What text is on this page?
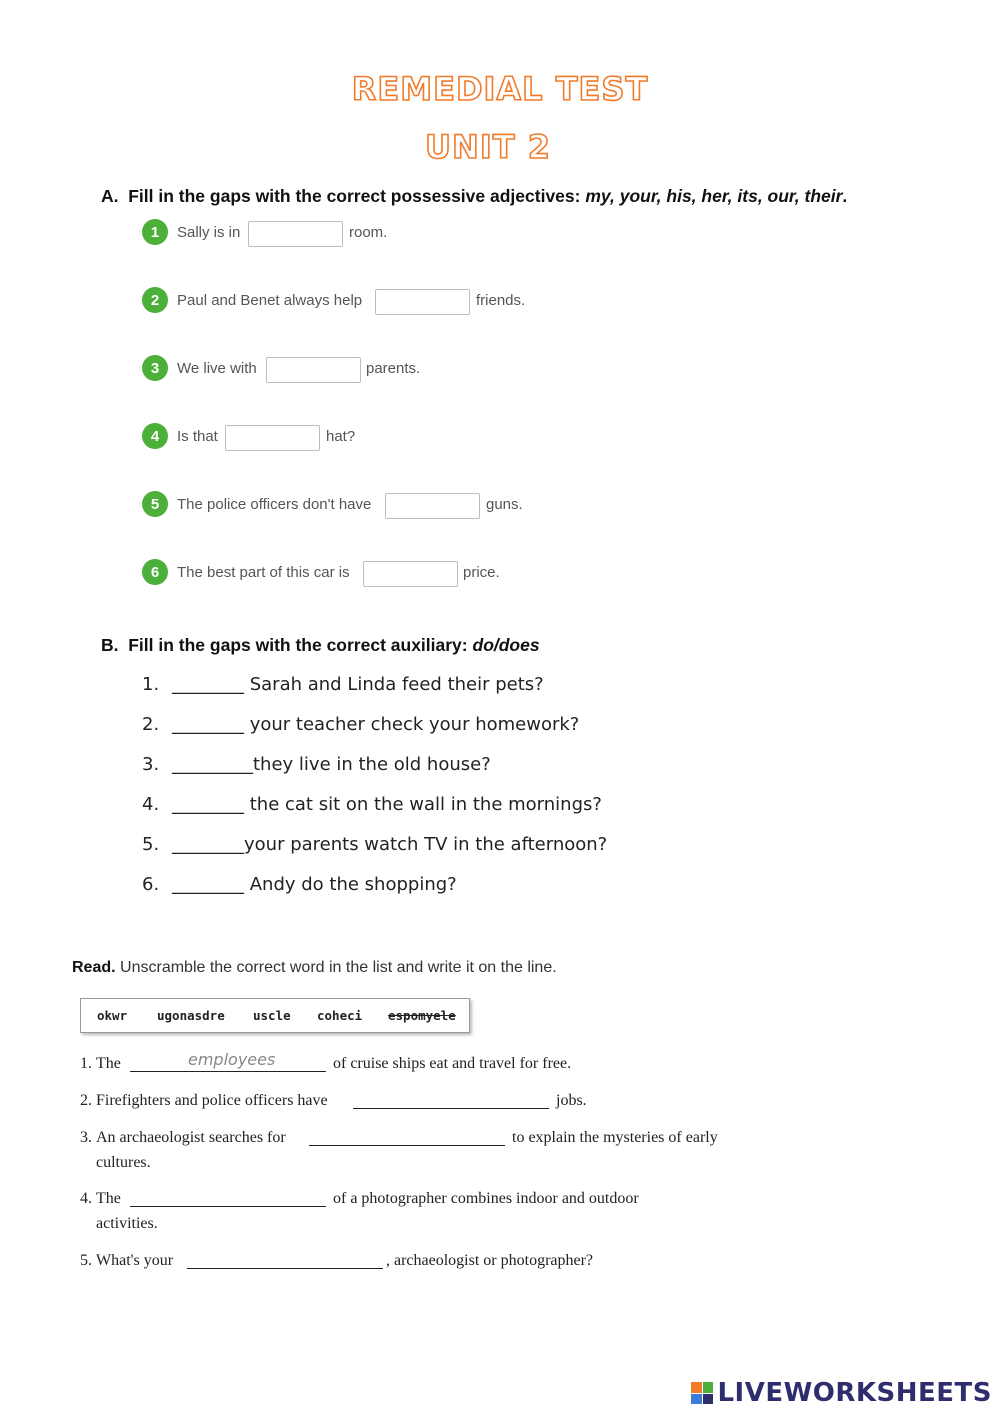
REMEDIAL TEST
UNIT 2
A. Fill in the gaps with the correct possessive adjectives: my, your, his, her, its, our, their.
1	Sally is in	room.
2	Paul and Benet always help	friends.
3	We live with	parents.
4	Is that	hat?
5	The police officers don't have	guns.
6	The best part of this car is	price.
B. Fill in the gaps with the correct auxiliary: do/does
1. ________ Sarah and Linda feed their pets?
2. ________ your teacher check your homework?
3. _________they live in the old house?
4. ________ the cat sit on the wall in the mornings?
5. ________your parents watch TV in the afternoon?
6. ________ Andy do the shopping?
Read. Unscramble the correct word in the list and write it on the line.
okwr ugonasdre uscle coheci espomyele
1. The	employees	of cruise ships eat and travel for free.
2. Firefighters and police officers have	jobs.
3. An archaeologist searches for	to explain the mysteries of early
cultures.
4. The	of a photographer combines indoor and outdoor
activities.
5. What's your	, archaeologist or photographer?
LIVEWORKSHEETS
